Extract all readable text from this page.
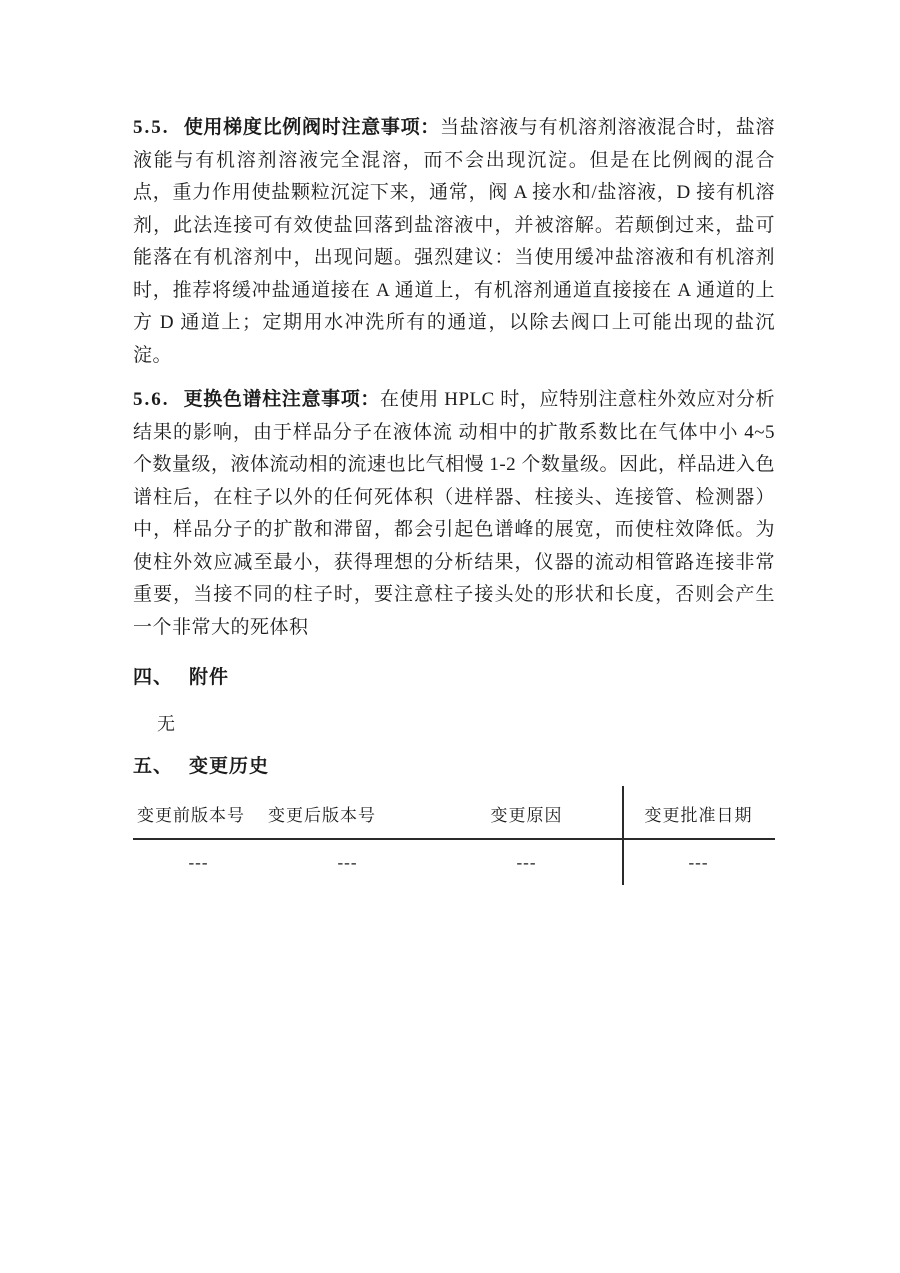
5.5. 使用梯度比例阀时注意事项：当盐溶液与有机溶剂溶液混合时，盐溶液能与有机溶剂溶液完全混溶，而不会出现沉淀。但是在比例阀的混合点，重力作用使盐颗粒沉淀下来，通常，阀 A 接水和/盐溶液，D 接有机溶剂，此法连接可有效使盐回落到盐溶液中，并被溶解。若颠倒过来，盐可能落在有机溶剂中，出现问题。强烈建议：当使用缓冲盐溶液和有机溶剂时，推荐将缓冲盐通道接在 A 通道上，有机溶剂通道直接接在 A 通道的上方 D 通道上；定期用水冲洗所有的通道，以除去阀口上可能出现的盐沉淀。

5.6. 更换色谱柱注意事项：在使用 HPLC 时，应特别注意柱外效应对分析结果的影响，由于样品分子在液体流 动相中的扩散系数比在气体中小 4~5 个数量级，液体流动相的流速也比气相慢 1-2 个数量级。因此，样品进入色谱柱后，在柱子以外的任何死体积（进样器、柱接头、连接管、检测器）中，样品分子的扩散和滞留，都会引起色谱峰的展宽，而使柱效降低。为使柱外效应减至最小，获得理想的分析结果，仪器的流动相管路连接非常重要，当接不同的柱子时，要注意柱子接头处的形状和长度，否则会产生 一个非常大的死体积

四、 附件

无

五、 变更历史
变更前版本号	变更后版本号	变更原因	变更批准日期
---	---	---	---
